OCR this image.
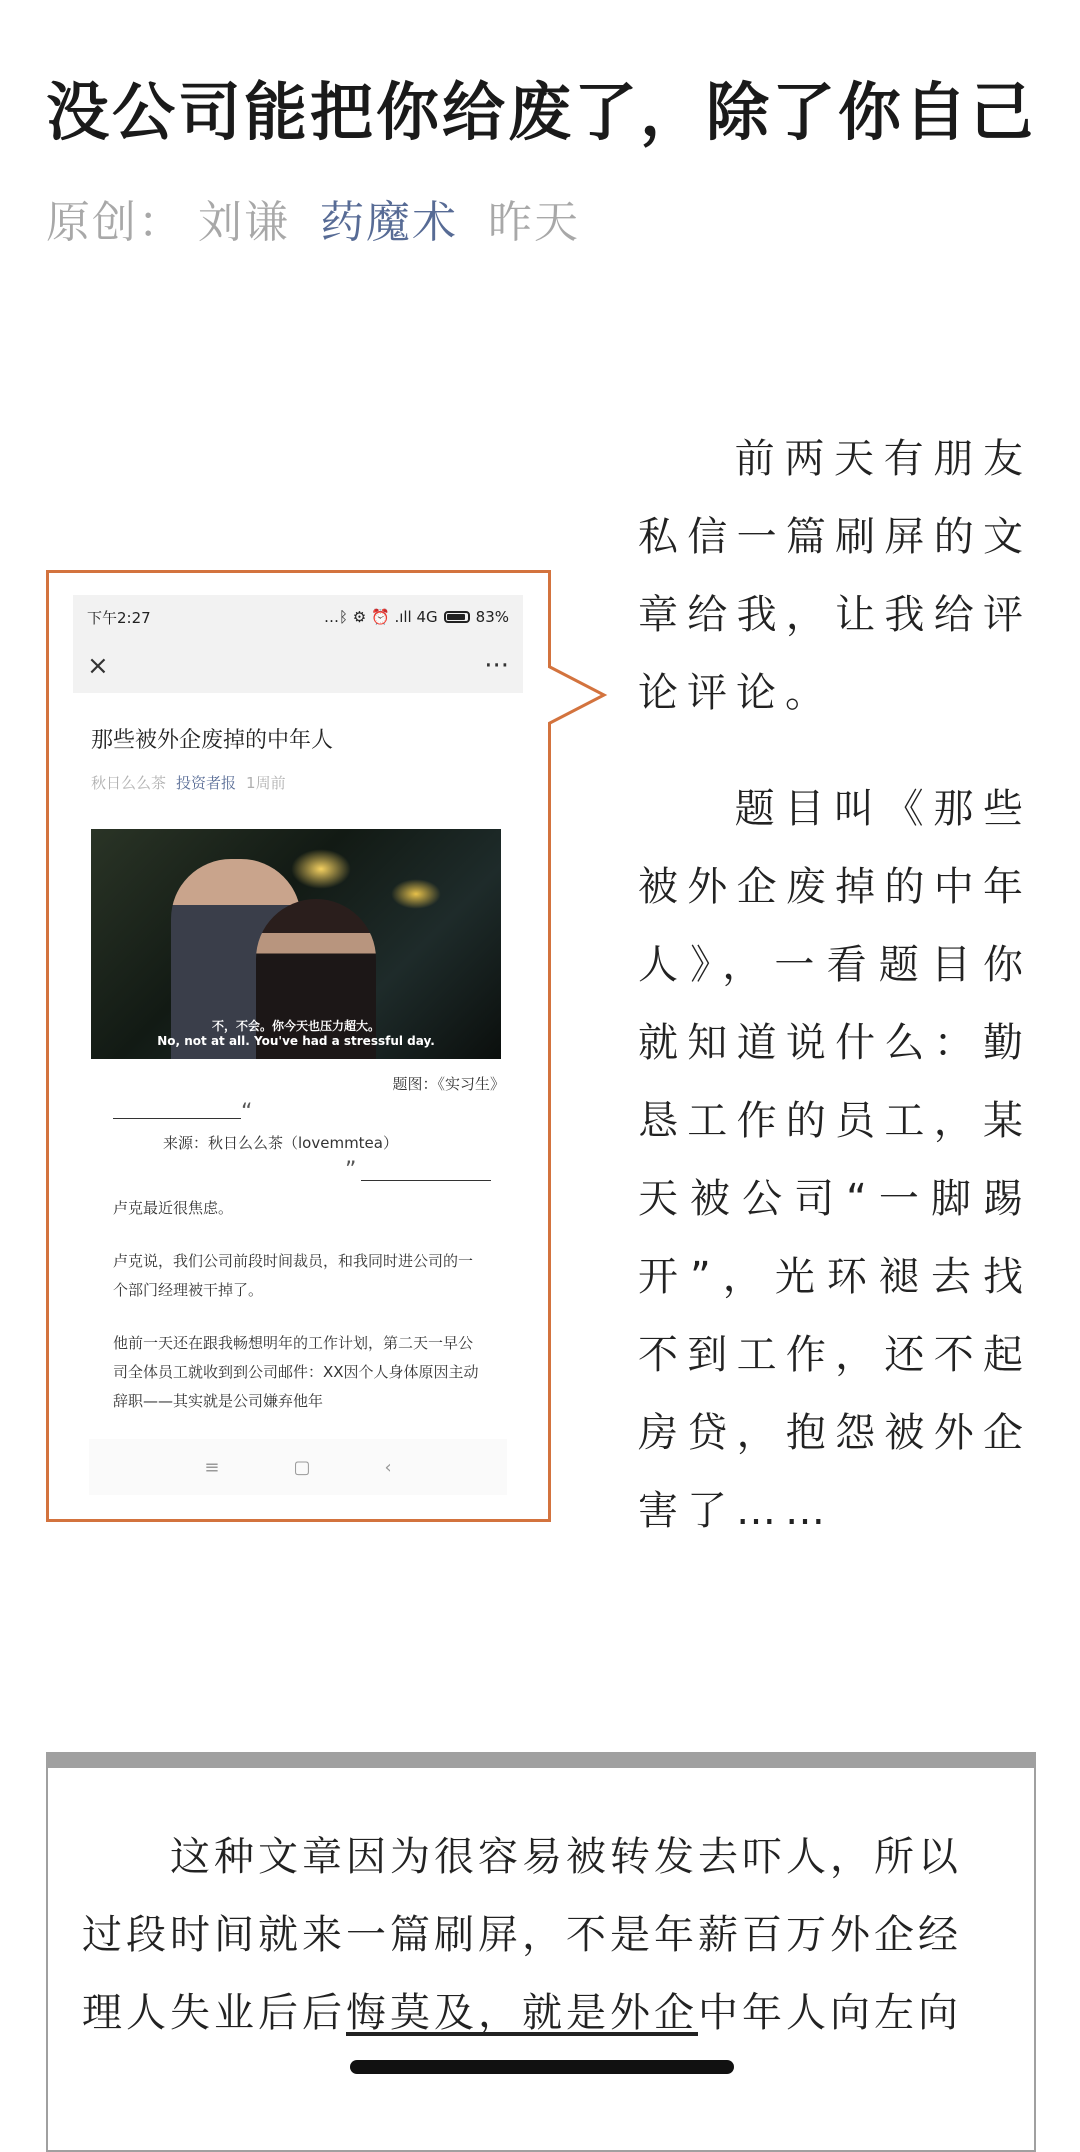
没公司能把你给废了，除了你自己
原创： 刘谦 药魔术 昨天
下午2:27	…ᛒ ⚙ ⏰ .ıll 4G	83%
×	···
那些被外企废掉的中年人
秋日么么茶 投资者报 1周前
不，不会。你今天也压力超大。
No, not at all. You've had a stressful day.
题图：《实习生》
“
来源：秋日么么茶（lovemmtea）
”

卢克最近很焦虑。

卢克说，我们公司前段时间裁员，和我同时进公司的一个部门经理被干掉了。

他前一天还在跟我畅想明年的工作计划，第二天一早公司全体员工就收到到公司邮件：XX因个人身体原因主动辞职——其实就是公司嫌弃他年

≡	▢	‹

前两天有朋友私信一篇刷屏的文章给我，让我给评论评论。

题目叫《那些被外企废掉的中年人》，一看题目你就知道说什么：勤恳工作的员工，某天被公司“一脚踢开”，光环褪去找不到工作，还不起房贷，抱怨被外企害了……

这种文章因为很容易被转发去吓人，所以过段时间就来一篇刷屏，不是年薪百万外企经理人失业后后悔莫及，就是外企中年人向左向
